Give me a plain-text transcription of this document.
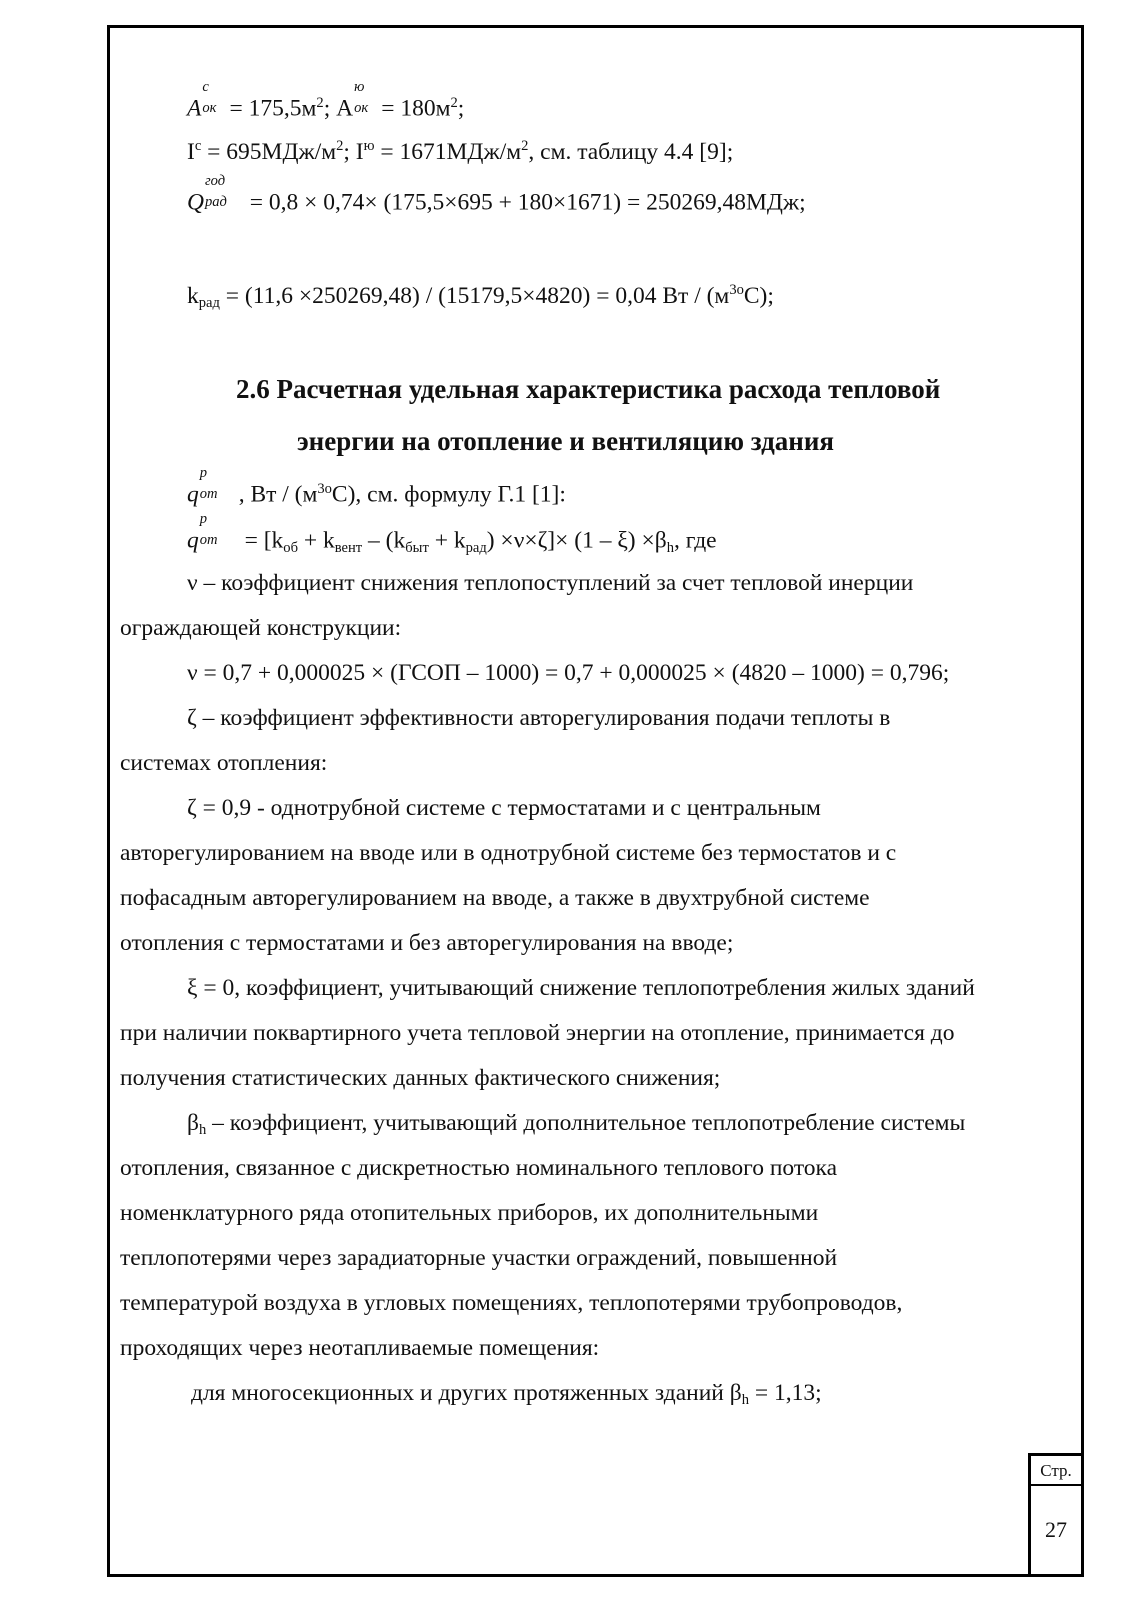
A
с
ок = $175,5м^2$; A
ю
ок = $180м^2$;
$I^с = 695МДж/м^2$; $I^ю = 1671МДж/м^2$, см. таблицу 4.4 [9];
Q
год
рад = 0,8 × 0,74× (175,5×695 + 180×1671) = 250269,48МДж;
$k_{рад} = (11,6 \times 250269,48) / (15179,5\times 4820) = 0,04$ Вт / $(м^{3о}С)$;
2.6 Расчетная удельная характеристика расхода тепловой
энергии на отопление и вентиляцию здания
q
р
от , Вт / $(м^{3о}С)$, см. формулу Г.1 [1]:
q
р
от = $[k_{об} + k_{вент} - (k_{быт} + k_{рад}) \times\nu\times\zeta]\times (1 - \xi) \times\beta_h$, где
ν – коэффициент снижения теплопоступлений за счет тепловой инерции
ограждающей конструкции:
ν = 0,7 + 0,000025 × (ГСОП – 1000) = 0,7 + 0,000025 × (4820 – 1000) = 0,796;
ζ – коэффициент эффективности авторегулирования подачи теплоты в
системах отопления:
ζ = 0,9 - однотрубной системе с термостатами и с центральным
авторегулированием на вводе или в однотрубной системе без термостатов и с
пофасадным авторегулированием на вводе, а также в двухтрубной системе
отопления с термостатами и без авторегулирования на вводе;
ξ = 0, коэффициент, учитывающий снижение теплопотребления жилых зданий
при наличии поквартирного учета тепловой энергии на отопление, принимается до
получения статистических данных фактического снижения;
$\beta_h$ – коэффициент, учитывающий дополнительное теплопотребление системы
отопления, связанное с дискретностью номинального теплового потока
номенклатурного ряда отопительных приборов, их дополнительными
теплопотерями через зарадиаторные участки ограждений, повышенной
температурой воздуха в угловых помещениях, теплопотерями трубопроводов,
проходящих через неотапливаемые помещения:
для многосекционных и других протяженных зданий $\beta_h = 1,13$;
Стр.
27
